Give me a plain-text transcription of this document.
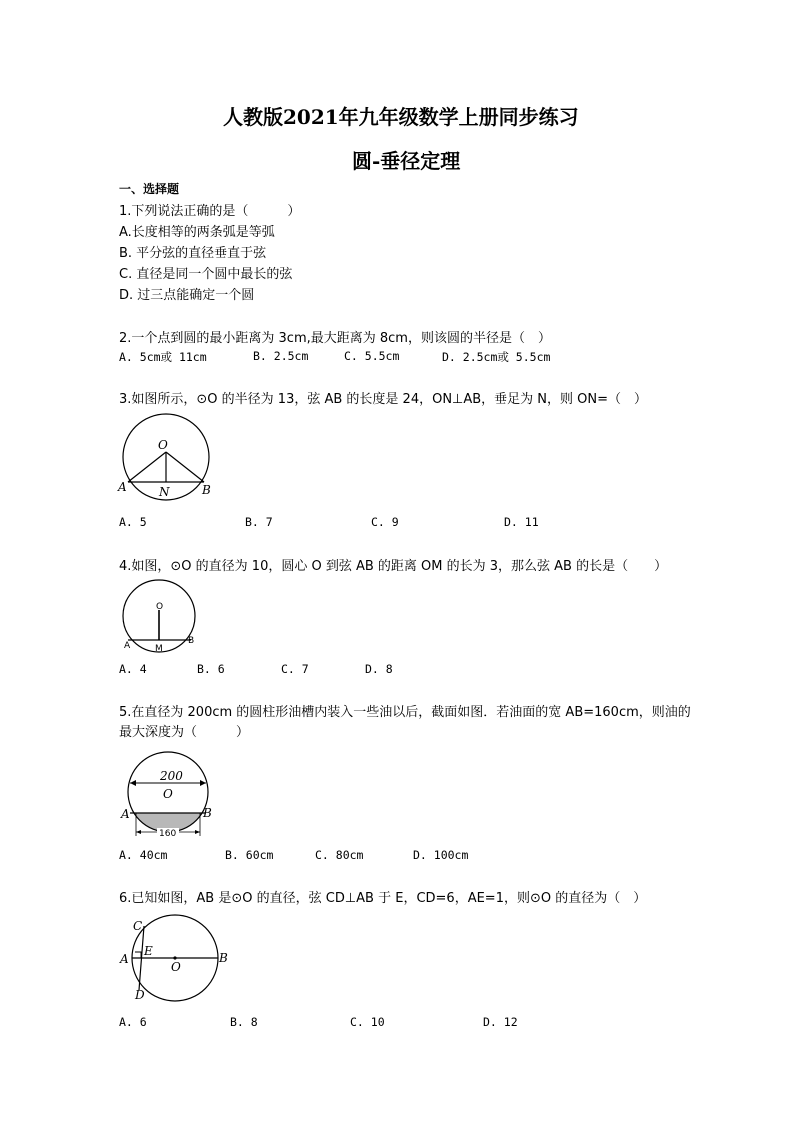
人教版2021年九年级数学上册同步练习
圆-垂径定理
一、选择题
1.下列说法正确的是（　　　）
A.长度相等的两条弧是等弧
B. 平分弦的直径垂直于弦
C. 直径是同一个圆中最长的弦
D. 过三点能确定一个圆
2.一个点到圆的最小距离为 3cm,最大距离为 8cm，则该圆的半径是（　）
A. 5cm或 11cm	B. 2.5cm	C. 5.5cm	D. 2.5cm或 5.5cm
3.如图所示，⊙O 的半径为 13，弦 AB 的长度是 24，ON⊥AB，垂足为 N，则 ON=（　）
O
A	B
N
A. 5	B. 7	C. 9	D. 11
4.如图，⊙O 的直径为 10，圆心 O 到弦 AB 的距离 OM 的长为 3，那么弦 AB 的长是（　　）
O
A	B
M
A. 4	B. 6	C. 7	D. 8
5.在直径为 200cm 的圆柱形油槽内装入一些油以后，截面如图．若油面的宽 AB=160cm，则油的
最大深度为（　　　）
200
O
A	B
160
A. 40cm	B. 60cm	C. 80cm	D. 100cm
6.已知如图，AB 是⊙O 的直径，弦 CD⊥AB 于 E，CD=6，AE=1，则⊙O 的直径为（　）
C
E
A
O
B
D
A. 6	B. 8	C. 10	D. 12
